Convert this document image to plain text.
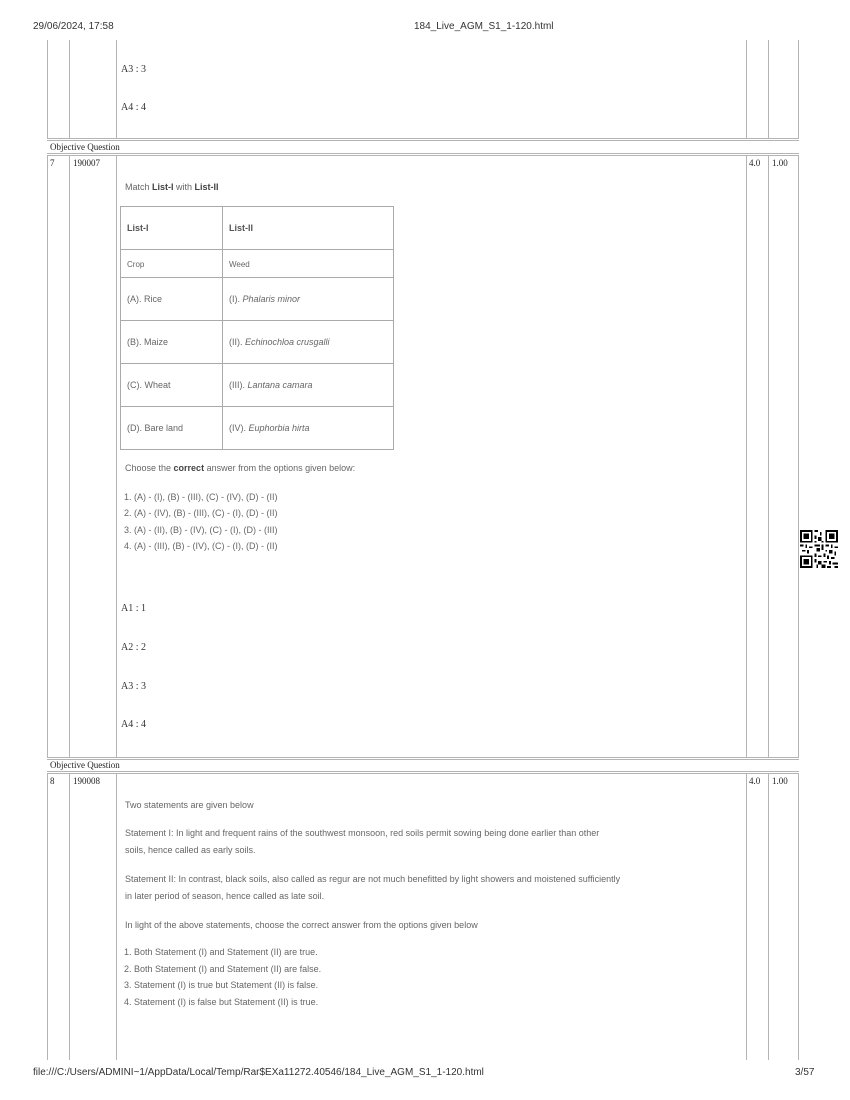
29/06/2024, 17:58	184_Live_AGM_S1_1-120.html
A3 : 3
A4 : 4
Objective Question
7 190007	4.0 1.00
Match List-I with List-II
List-I	List-II
Crop	Weed
(A). Rice	(I). Phalaris minor
(B). Maize	(II). Echinochloa crusgalli
(C). Wheat	(III). Lantana camara
(D). Bare land	(IV). Euphorbia hirta
Choose the correct answer from the options given below:
1. (A) - (I), (B) - (III), (C) - (IV), (D) - (II)
2. (A) - (IV), (B) - (III), (C) - (I), (D) - (II)
3. (A) - (II), (B) - (IV), (C) - (I), (D) - (III)
4. (A) - (III), (B) - (IV), (C) - (I), (D) - (II)
A1 : 1
A2 : 2
A3 : 3
A4 : 4
Objective Question
8 190008	4.0 1.00
Two statements are given below
Statement I: In light and frequent rains of the southwest monsoon, red soils permit sowing being done earlier than other
soils, hence called as early soils.
Statement II: In contrast, black soils, also called as regur are not much benefitted by light showers and moistened sufficiently
in later period of season, hence called as late soil.
In light of the above statements, choose the correct answer from the options given below
1. Both Statement (I) and Statement (II) are true.
2. Both Statement (I) and Statement (II) are false.
3. Statement (I) is true but Statement (II) is false.
4. Statement (I) is false but Statement (II) is true.
file:///C:/Users/ADMINI~1/AppData/Local/Temp/Rar$EXa11272.40546/184_Live_AGM_S1_1-120.html	3/57
